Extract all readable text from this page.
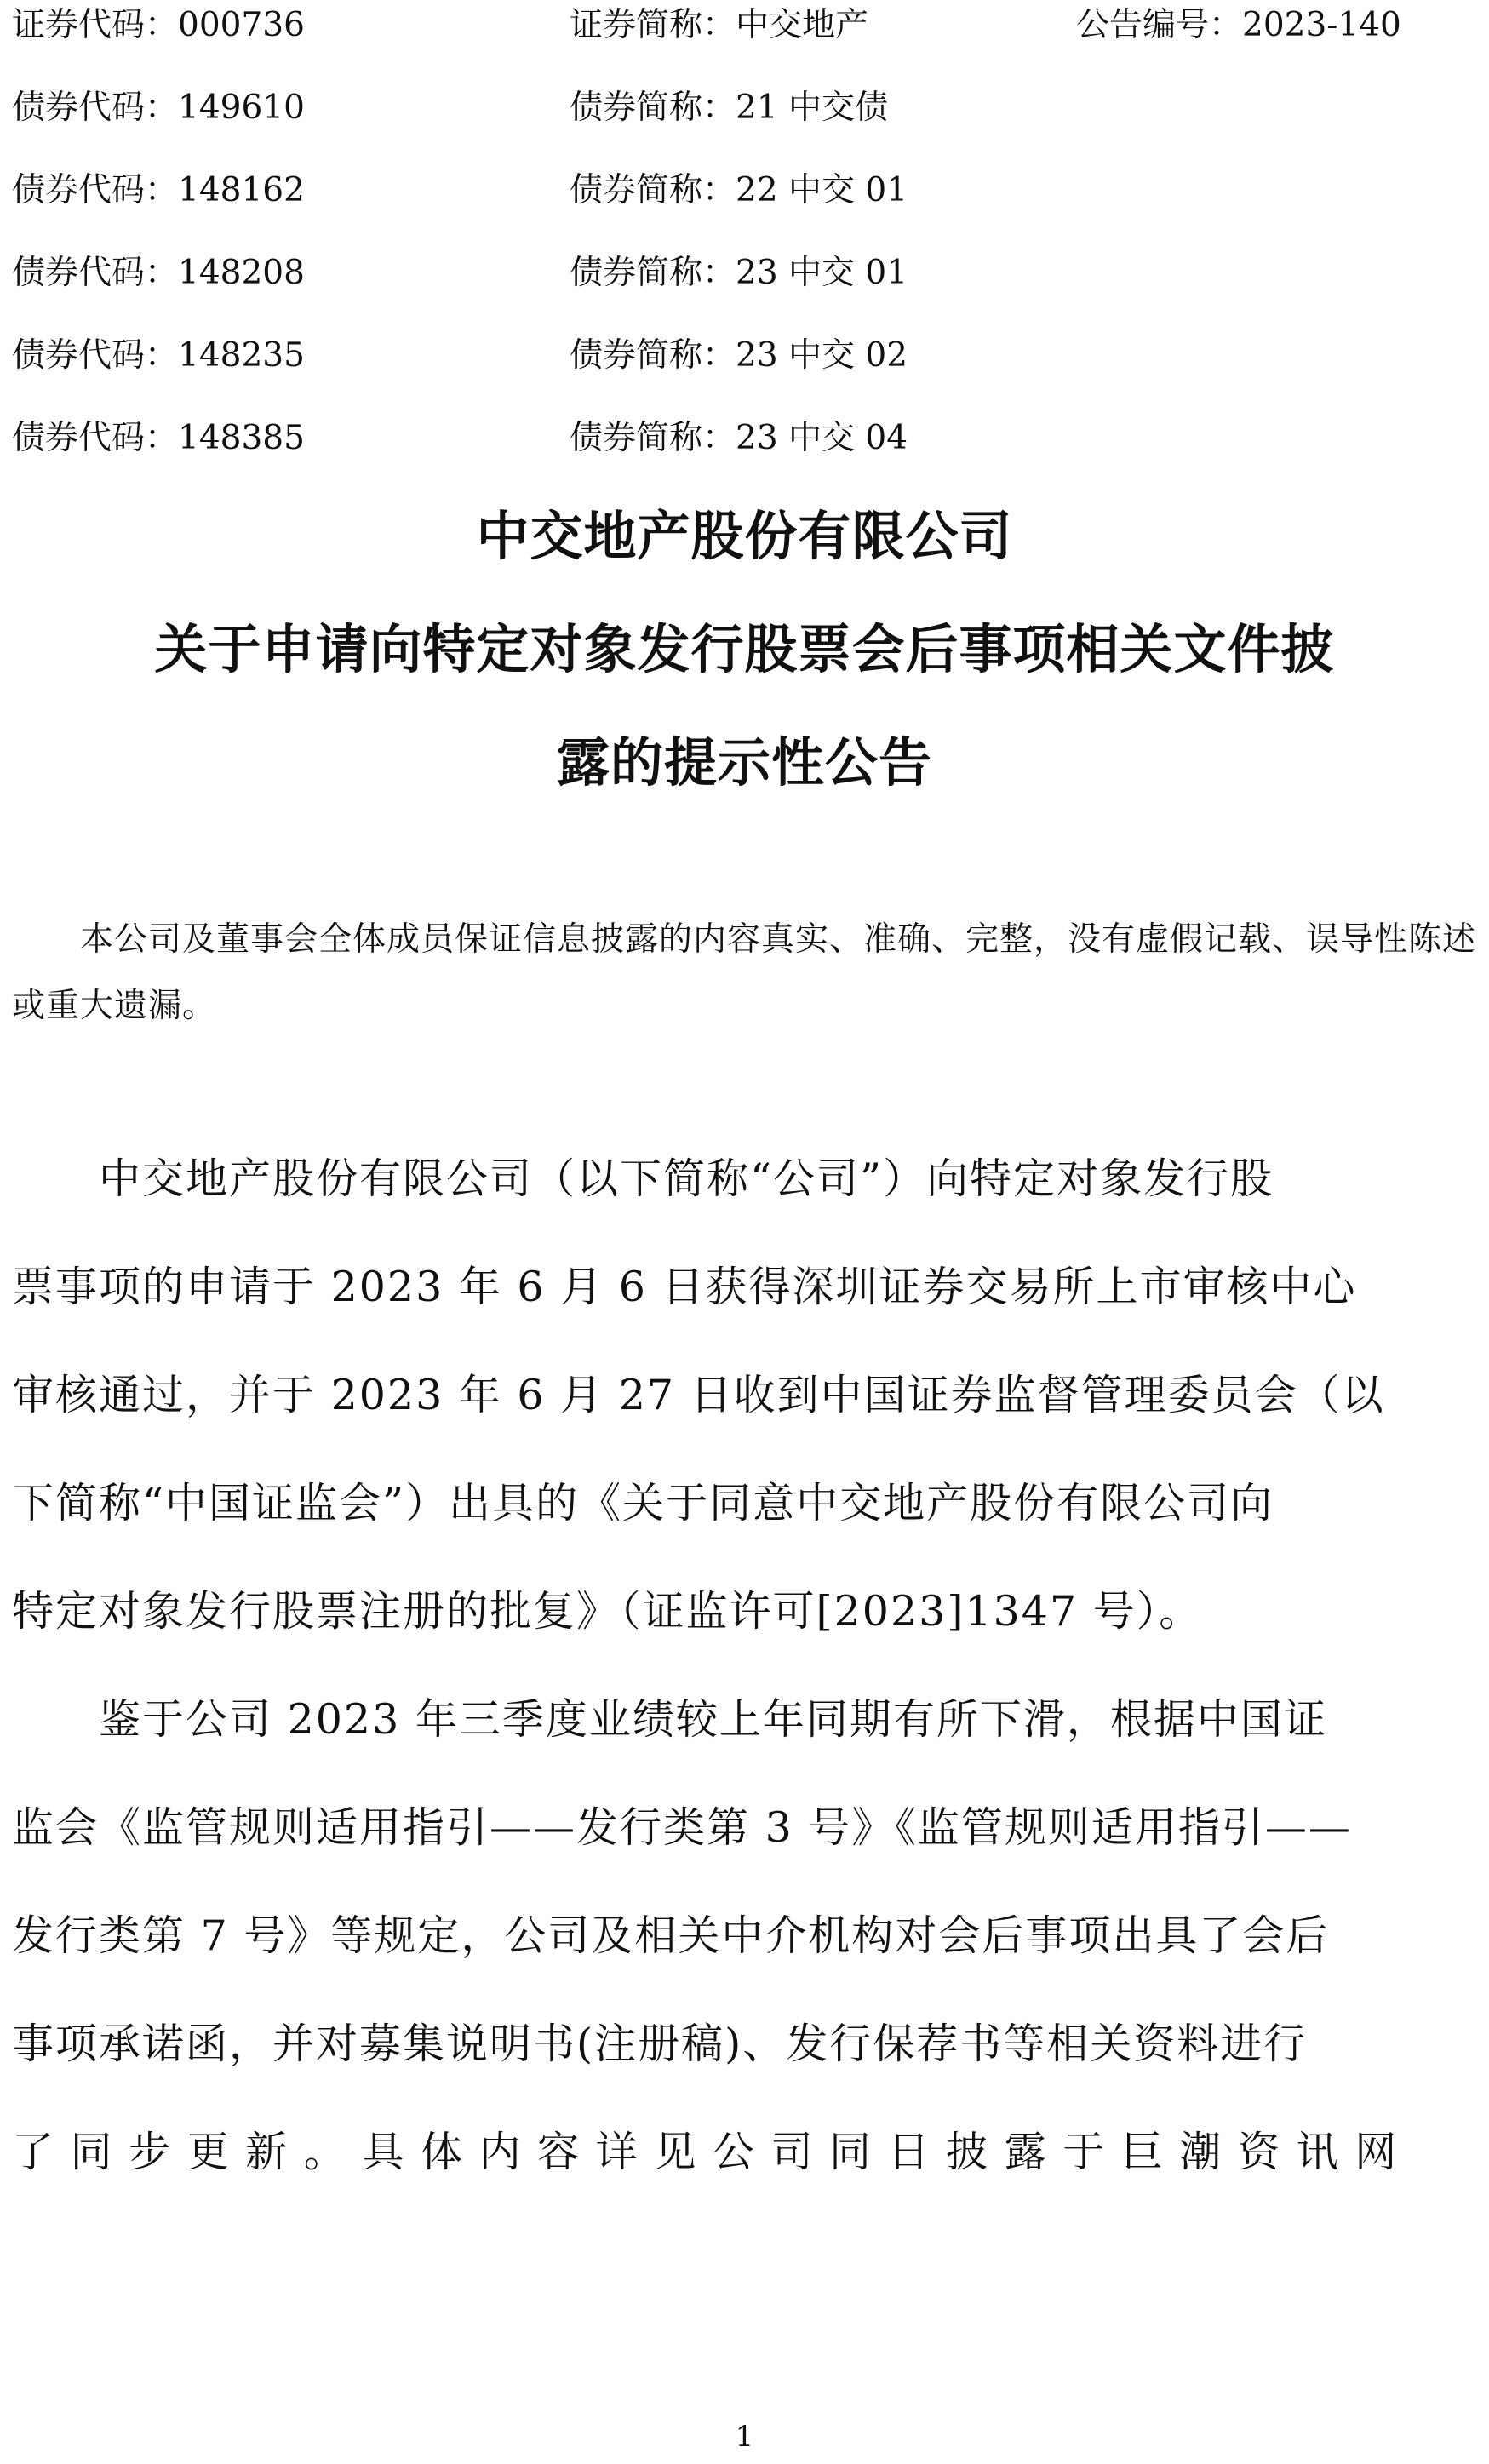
证券代码：000736	证券简称：中交地产	公告编号：2023-140
债券代码：149610	债券简称：21 中交债
债券代码：148162	债券简称：22 中交 01
债券代码：148208	债券简称：23 中交 01
债券代码：148235	债券简称：23 中交 02
债券代码：148385	债券简称：23 中交 04
中交地产股份有限公司
关于申请向特定对象发行股票会后事项相关文件披
露的提示性公告
本公司及董事会全体成员保证信息披露的内容真实、准确、完整，没有虚假记载、误导性陈述或重大遗漏。
　　中交地产股份有限公司（以下简称“公司”）向特定对象发行股
票事项的申请于 2023 年 6 月 6 日获得深圳证券交易所上市审核中心
审核通过，并于 2023 年 6 月 27 日收到中国证券监督管理委员会（以
下简称“中国证监会”）出具的《关于同意中交地产股份有限公司向
特定对象发行股票注册的批复》（证监许可[2023]1347 号）。
　　鉴于公司 2023 年三季度业绩较上年同期有所下滑，根据中国证
监会《监管规则适用指引——发行类第 3 号》《监管规则适用指引——
发行类第 7 号》等规定，公司及相关中介机构对会后事项出具了会后
事项承诺函，并对募集说明书(注册稿)、发行保荐书等相关资料进行
了 同 步 更 新 。 具 体 内 容 详 见 公 司 同 日 披 露 于 巨 潮 资 讯 网
1
